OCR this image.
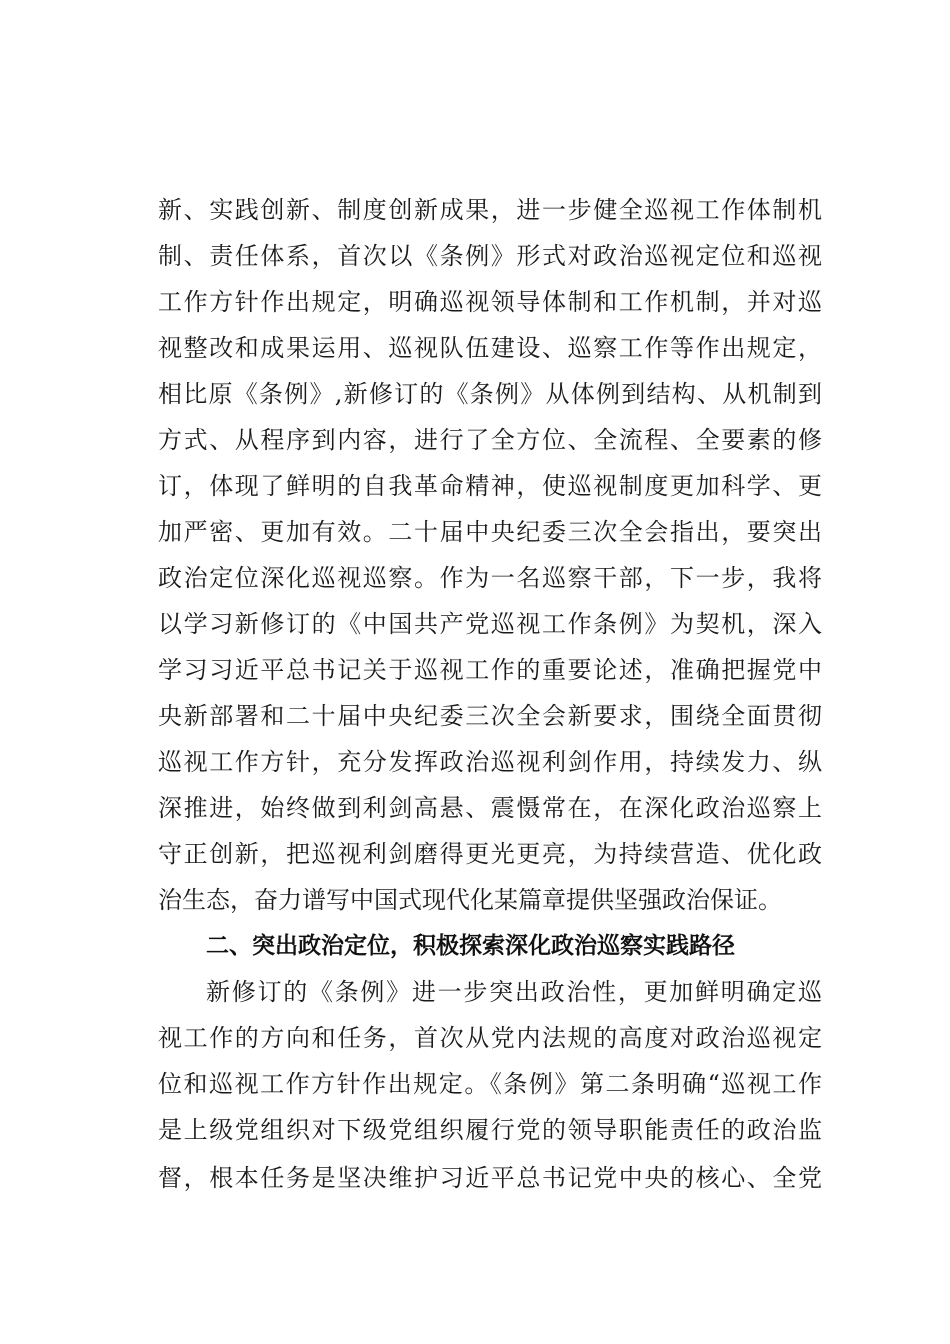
新、实践创新、制度创新成果，进一步健全巡视工作体制机
制、责任体系，首次以《条例》形式对政治巡视定位和巡视
工作方针作出规定，明确巡视领导体制和工作机制，并对巡
视整改和成果运用、巡视队伍建设、巡察工作等作出规定，
相比原《条例》,新修订的《条例》从体例到结构、从机制到
方式、从程序到内容，进行了全方位、全流程、全要素的修
订，体现了鲜明的自我革命精神，使巡视制度更加科学、更
加严密、更加有效。二十届中央纪委三次全会指出，要突出
政治定位深化巡视巡察。作为一名巡察干部，下一步，我将
以学习新修订的《中国共产党巡视工作条例》为契机，深入
学习习近平总书记关于巡视工作的重要论述，准确把握党中
央新部署和二十届中央纪委三次全会新要求，围绕全面贯彻
巡视工作方针，充分发挥政治巡视利剑作用，持续发力、纵
深推进，始终做到利剑高悬、震慑常在，在深化政治巡察上
守正创新，把巡视利剑磨得更光更亮，为持续营造、优化政
治生态，奋力谱写中国式现代化某篇章提供坚强政治保证。
二、突出政治定位，积极探索深化政治巡察实践路径
新修订的《条例》进一步突出政治性，更加鲜明确定巡
视工作的方向和任务，首次从党内法规的高度对政治巡视定
位和巡视工作方针作出规定。《条例》第二条明确“巡视工作
是上级党组织对下级党组织履行党的领导职能责任的政治监
督，根本任务是坚决维护习近平总书记党中央的核心、全党
